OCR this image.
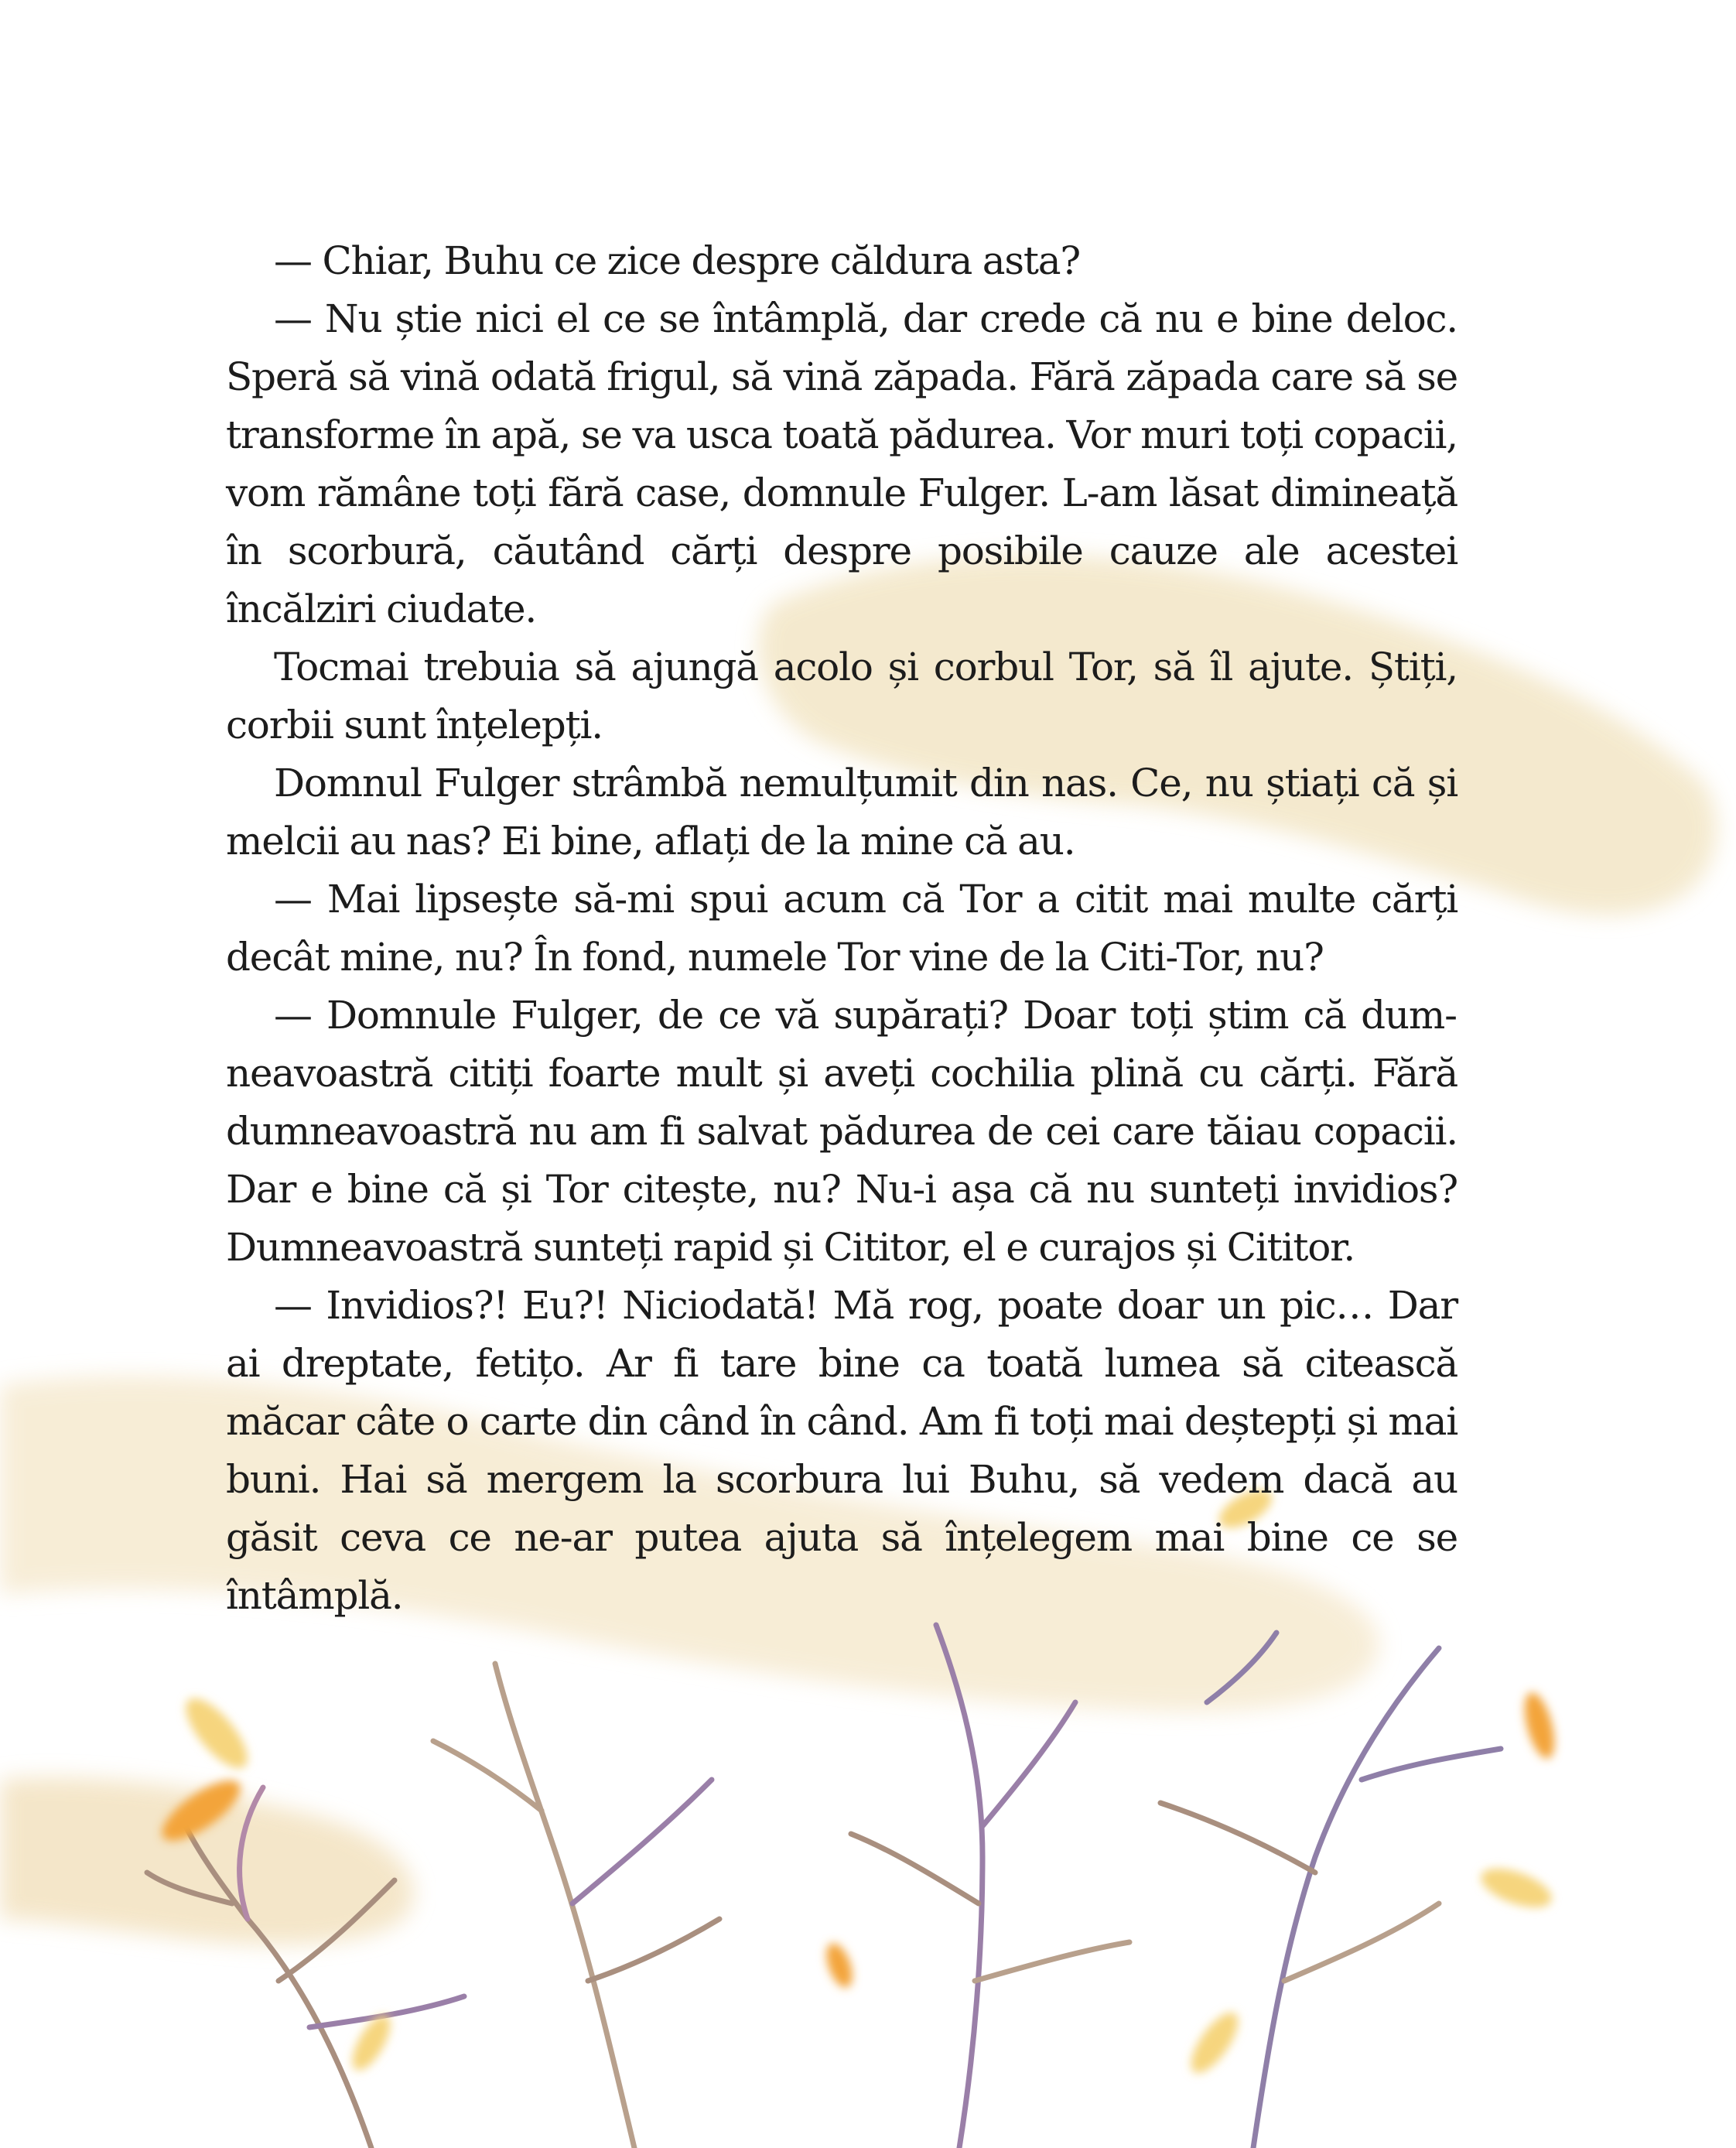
— Chiar, Buhu ce zice despre căldura asta?

— Nu știe nici el ce se întâmplă, dar crede că nu e bine deloc. Speră să vină odată frigul, să vină zăpada. Fără zăpada care să se transforme în apă, se va usca toată pădurea. Vor muri toți copacii, vom rămâne toți fără case, domnule Fulger. L-am lăsat dimineață în scorbură, căutând cărți despre posibile cauze ale acestei încălziri ciudate.

Tocmai trebuia să ajungă acolo și corbul Tor, să îl ajute. Știți, corbii sunt înțelepți.

Domnul Fulger strâmbă nemulțumit din nas. Ce, nu știați că și melcii au nas? Ei bine, aflați de la mine că au.

— Mai lipsește să-mi spui acum că Tor a citit mai multe cărți decât mine, nu? În fond, numele Tor vine de la Citi-Tor, nu?

— Domnule Fulger, de ce vă supărați? Doar toți știm că dumneavoastră citiți foarte mult și aveți cochilia plină cu cărți. Fără dumneavoastră nu am fi salvat pădurea de cei care tăiau copacii. Dar e bine că și Tor citește, nu? Nu-i așa că nu sunteți invidios? Dumneavoastră sunteți rapid și Cititor, el e curajos și Cititor.

— Invidios?! Eu?! Niciodată! Mă rog, poate doar un pic… Dar ai dreptate, fetițo. Ar fi tare bine ca toată lumea să citească măcar câte o carte din când în când. Am fi toți mai deștepți și mai buni. Hai să mergem la scorbura lui Buhu, să vedem dacă au găsit ceva ce ne-ar putea ajuta să înțelegem mai bine ce se întâmplă.
